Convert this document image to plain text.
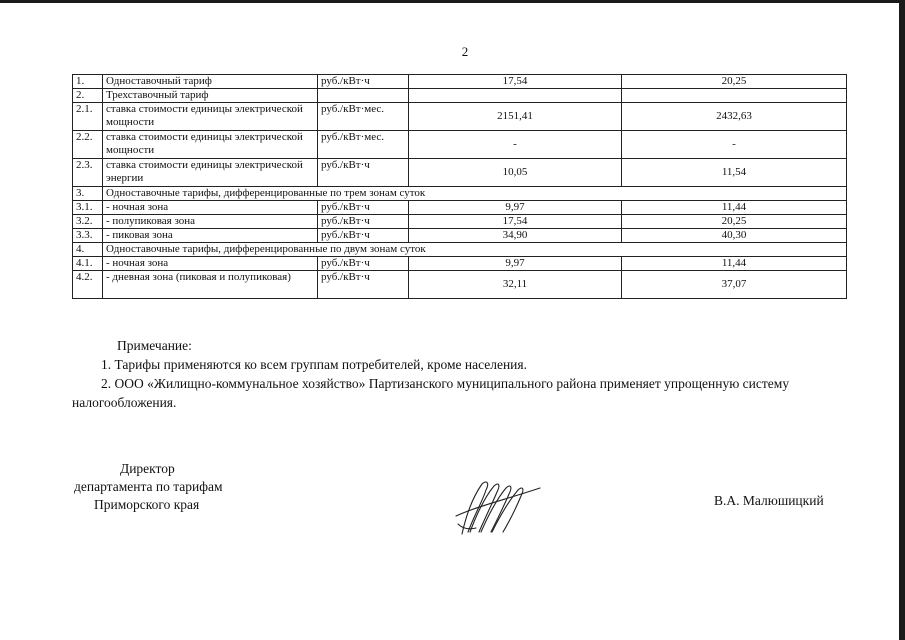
2
1.	Одноставочный тариф	руб./кВт·ч	17,54	20,25
2.	Трехставочный тариф			
2.1.	ставка стоимости единицы электрической мощности	руб./кВт·мес.	2151,41	2432,63
2.2.	ставка стоимости единицы электрической мощности	руб./кВт·мес.	-	-
2.3.	ставка стоимости единицы электрической энергии	руб./кВт·ч	10,05	11,54
3.	Одноставочные тарифы, дифференцированные по трем зонам суток			
3.1.	- ночная зона	руб./кВт·ч	9,97	11,44
3.2.	- полупиковая зона	руб./кВт·ч	17,54	20,25
3.3.	- пиковая зона	руб./кВт·ч	34,90	40,30
4.	Одноставочные тарифы, дифференцированные по двум зонам суток			
4.1.	- ночная зона	руб./кВт·ч	9,97	11,44
4.2.	- дневная зона (пиковая и полупиковая)	руб./кВт·ч	32,11	37,07
Примечание:
1. Тарифы применяются ко всем группам потребителей, кроме населения.
2. ООО «Жилищно-коммунальное хозяйство» Партизанского муниципального района применяет упрощенную систему налогообложения.
Директор
департамента по тарифам
Приморского края	В.А. Малюшицкий
